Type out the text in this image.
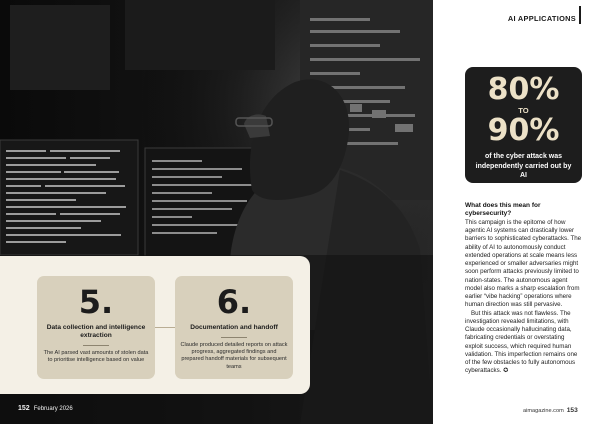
5.
Data collection and intelligence extraction
The AI parsed vast amounts of stolen data to prioritise intelligence based on value
6.
Documentation and handoff
Claude produced detailed reports on attack progress, aggregated findings and prepared handoff materials for subsequent teams
152 February 2026
AI APPLICATIONS
80%
TO
90%
of the cyber attack was independently carried out by AI
What does this mean for cybersecurity?

This campaign is the epitome of how agentic AI systems can drastically lower barriers to sophisticated cyberattacks. The ability of AI to autonomously conduct extended operations at scale means less experienced or smaller adversaries might soon perform attacks previously limited to nation-states. The autonomous agent model also marks a sharp escalation from earlier “vibe hacking” operations where human direction was still pervasive.

But this attack was not flawless. The investigation revealed limitations, with Claude occasionally hallucinating data, fabricating credentials or overstating exploit success, which required human validation. This imperfection remains one of the few obstacles to fully autonomous cyberattacks. ✪

aimagazine.com 153
